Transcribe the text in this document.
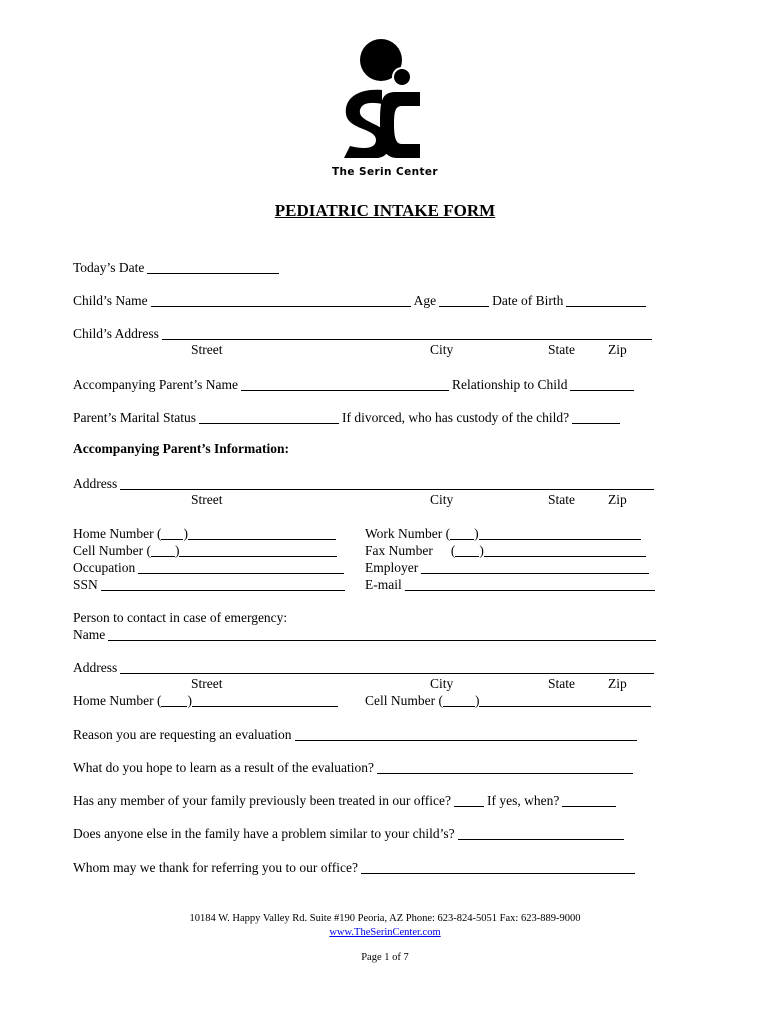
The Serin Center
PEDIATRIC INTAKE FORM
Today’s Date
Child’s Name	Age	Date of Birth
Child’s Address
Street	City	State Zip
Accompanying Parent’s Name	Relationship to Child
Parent’s Marital Status	If divorced, who has custody of the child?
Accompanying Parent’s Information:
Address
Street	City	State Zip
Home Number ( )	Work Number ( )
Cell Number ( )	Fax Number ( )
Occupation	Employer
SSN	E-mail
Person to contact in case of emergency:
Name
Address
Street	City	State Zip
Home Number ( )	Cell Number ( )
Reason you are requesting an evaluation
What do you hope to learn as a result of the evaluation?
Has any member of your family previously been treated in our office?	If yes, when?
Does anyone else in the family have a problem similar to your child’s?
Whom may we thank for referring you to our office?
10184 W. Happy Valley Rd. Suite #190 Peoria, AZ Phone: 623-824-5051 Fax: 623-889-9000
www.TheSerinCenter.com
Page 1 of 7
